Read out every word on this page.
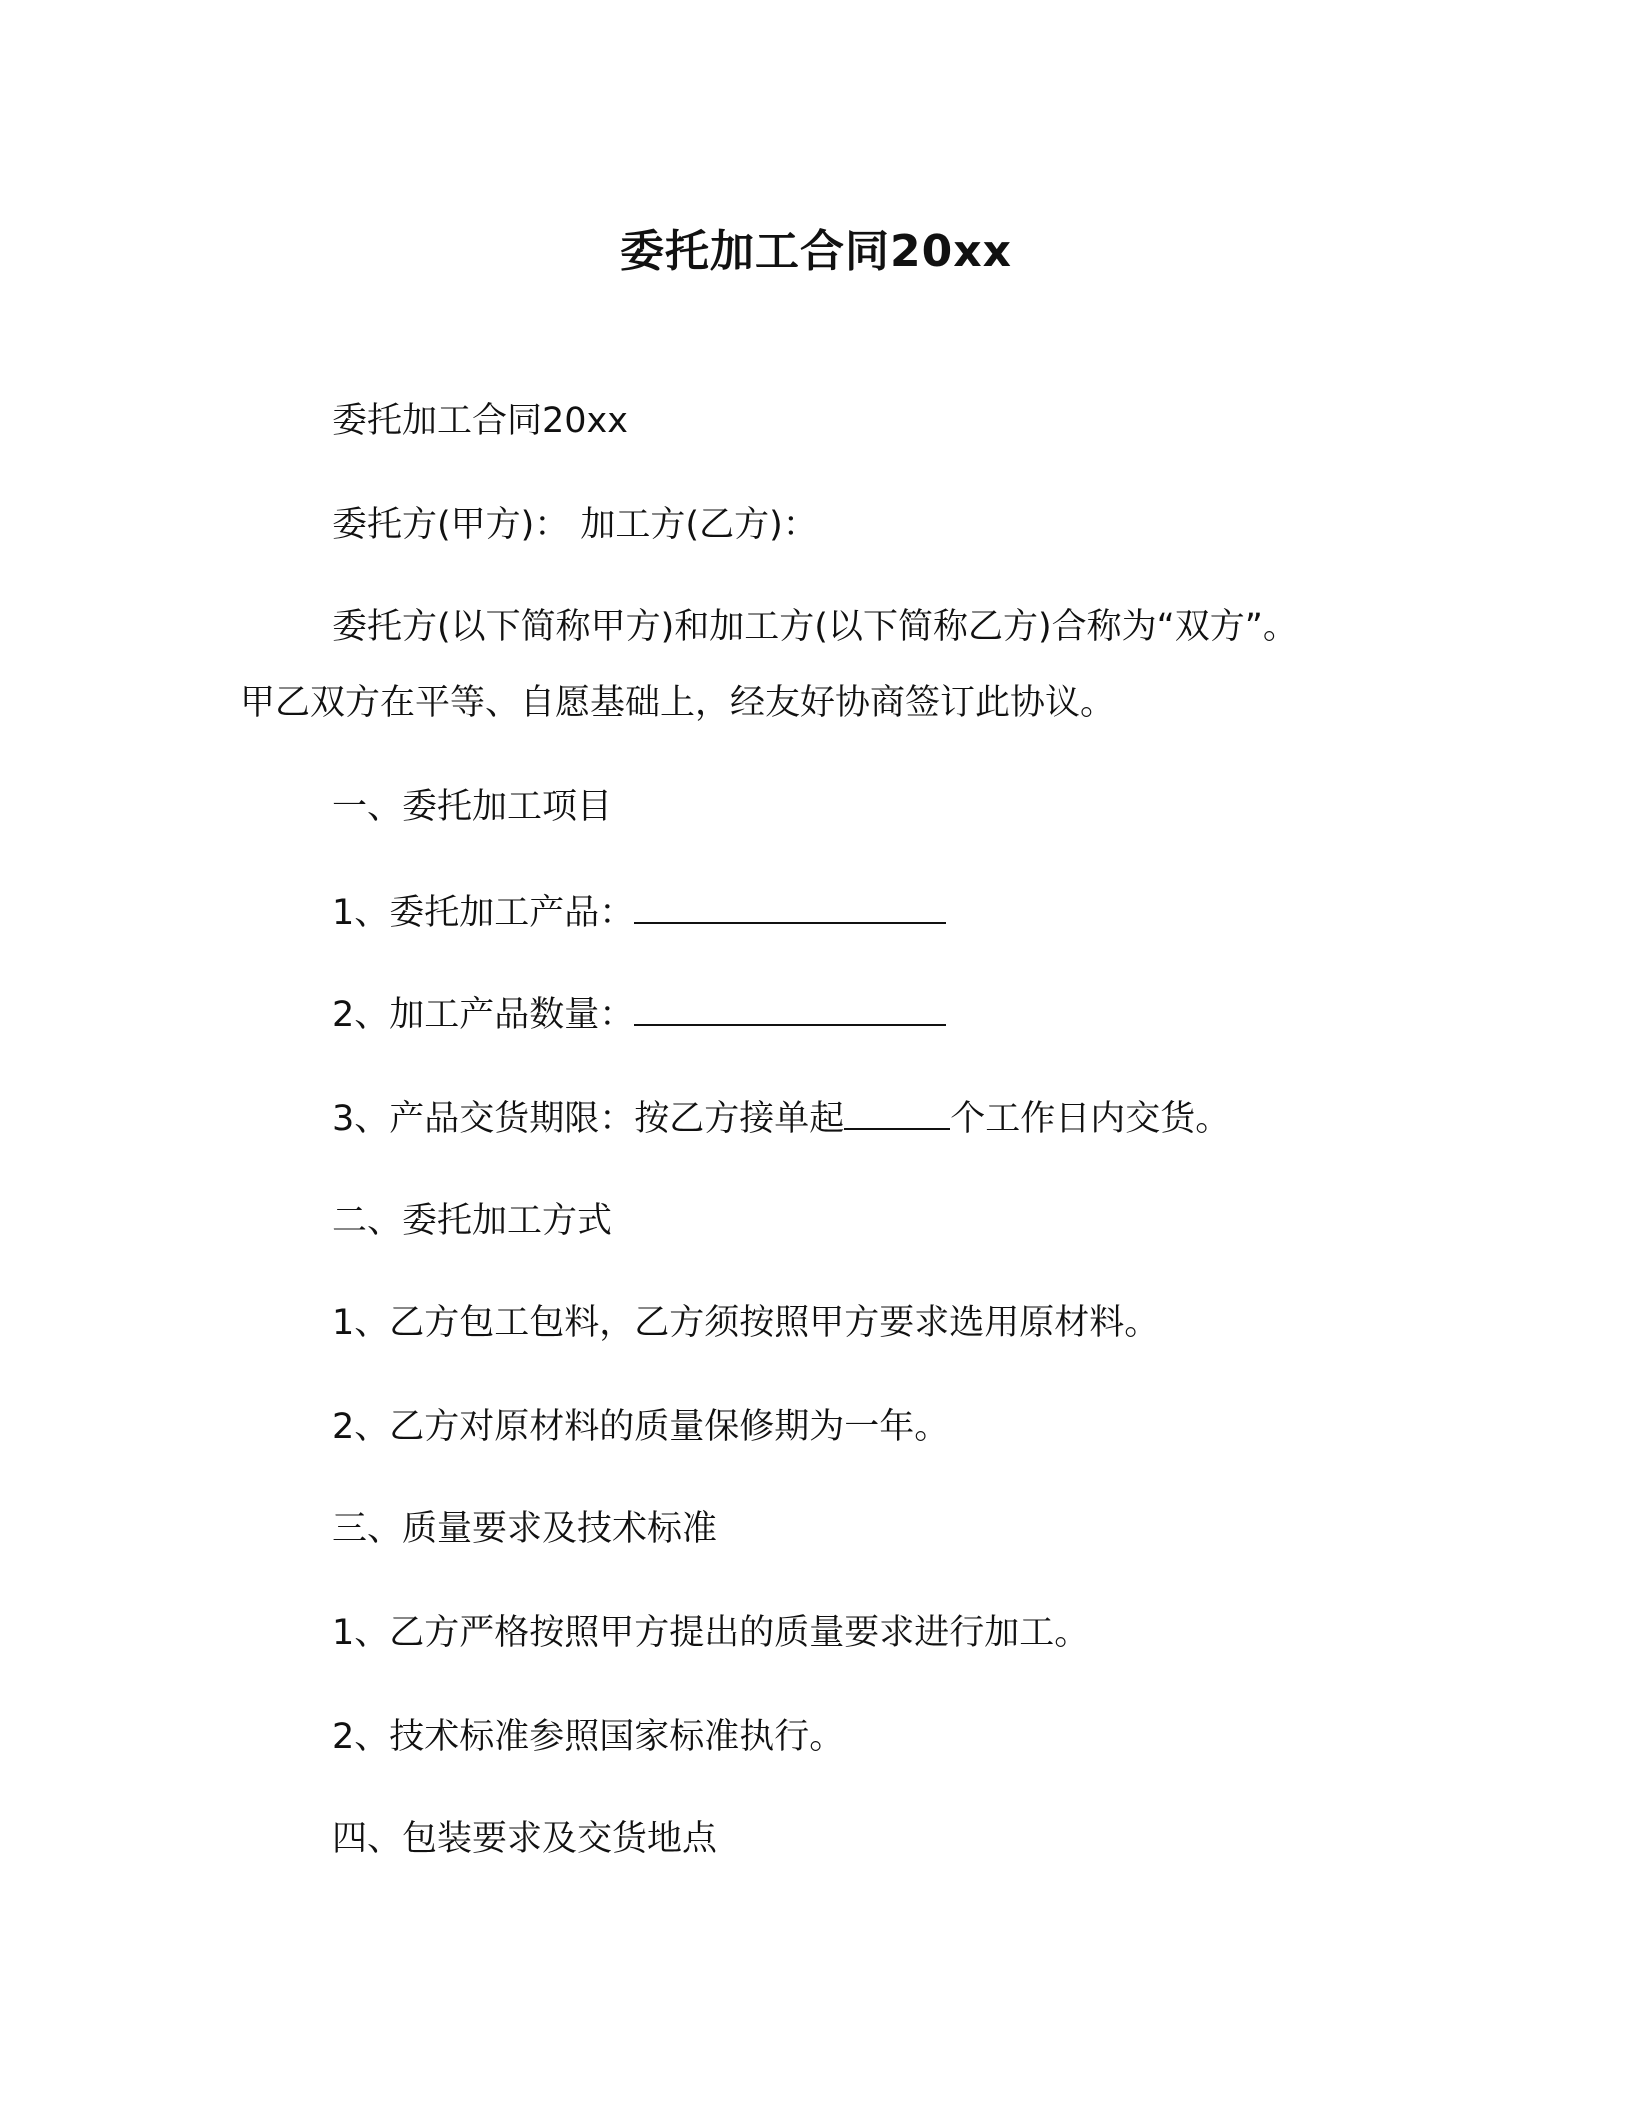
委托加工合同20xx
委托加工合同20xx
委托方(甲方)： 加工方(乙方)：
委托方(以下简称甲方)和加工方(以下简称乙方)合称为“双方”。
甲乙双方在平等、自愿基础上，经友好协商签订此协议。
一、委托加工项目
1、委托加工产品：
2、加工产品数量：
3、产品交货期限：按乙方接单起	个工作日内交货。
二、委托加工方式
1、乙方包工包料，乙方须按照甲方要求选用原材料。
2、乙方对原材料的质量保修期为一年。
三、质量要求及技术标准
1、乙方严格按照甲方提出的质量要求进行加工。
2、技术标准参照国家标准执行。
四、包装要求及交货地点
